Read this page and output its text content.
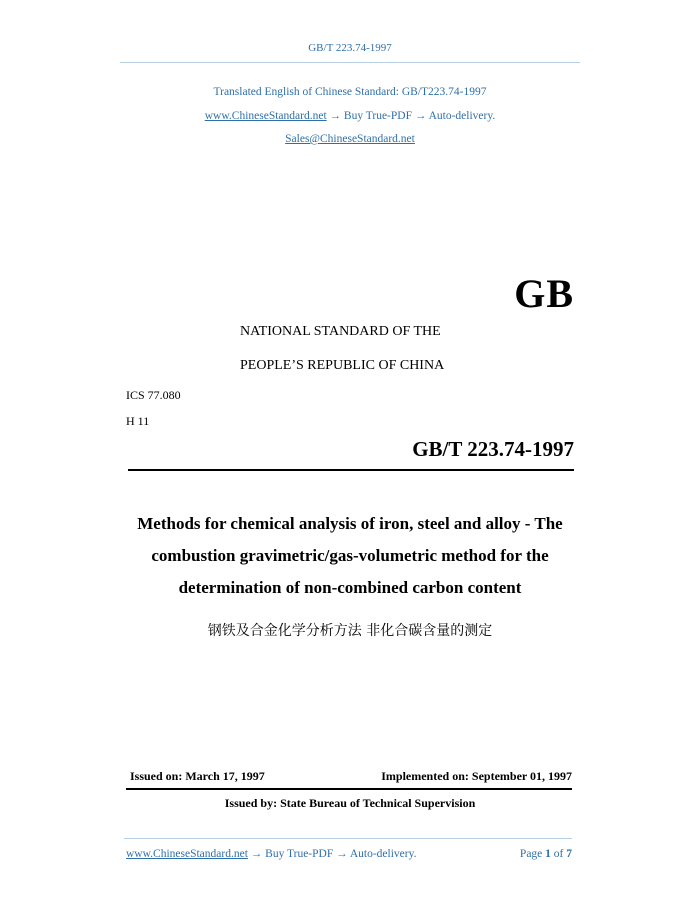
GB/T 223.74-1997
Translated English of Chinese Standard: GB/T223.74-1997
www.ChineseStandard.net → Buy True-PDF → Auto-delivery.
Sales@ChineseStandard.net
GB
NATIONAL STANDARD OF THE
PEOPLE’S REPUBLIC OF CHINA
ICS 77.080
H 11
GB/T 223.74-1997
Methods for chemical analysis of iron, steel and alloy - The
combustion gravimetric/gas-volumetric method for the
determination of non-combined carbon content
钢铁及合金化学分析方法 非化合碳含量的测定
Issued on: March 17, 1997	Implemented on: September 01, 1997
Issued by: State Bureau of Technical Supervision
www.ChineseStandard.net → Buy True-PDF → Auto-delivery.	Page 1 of 7
